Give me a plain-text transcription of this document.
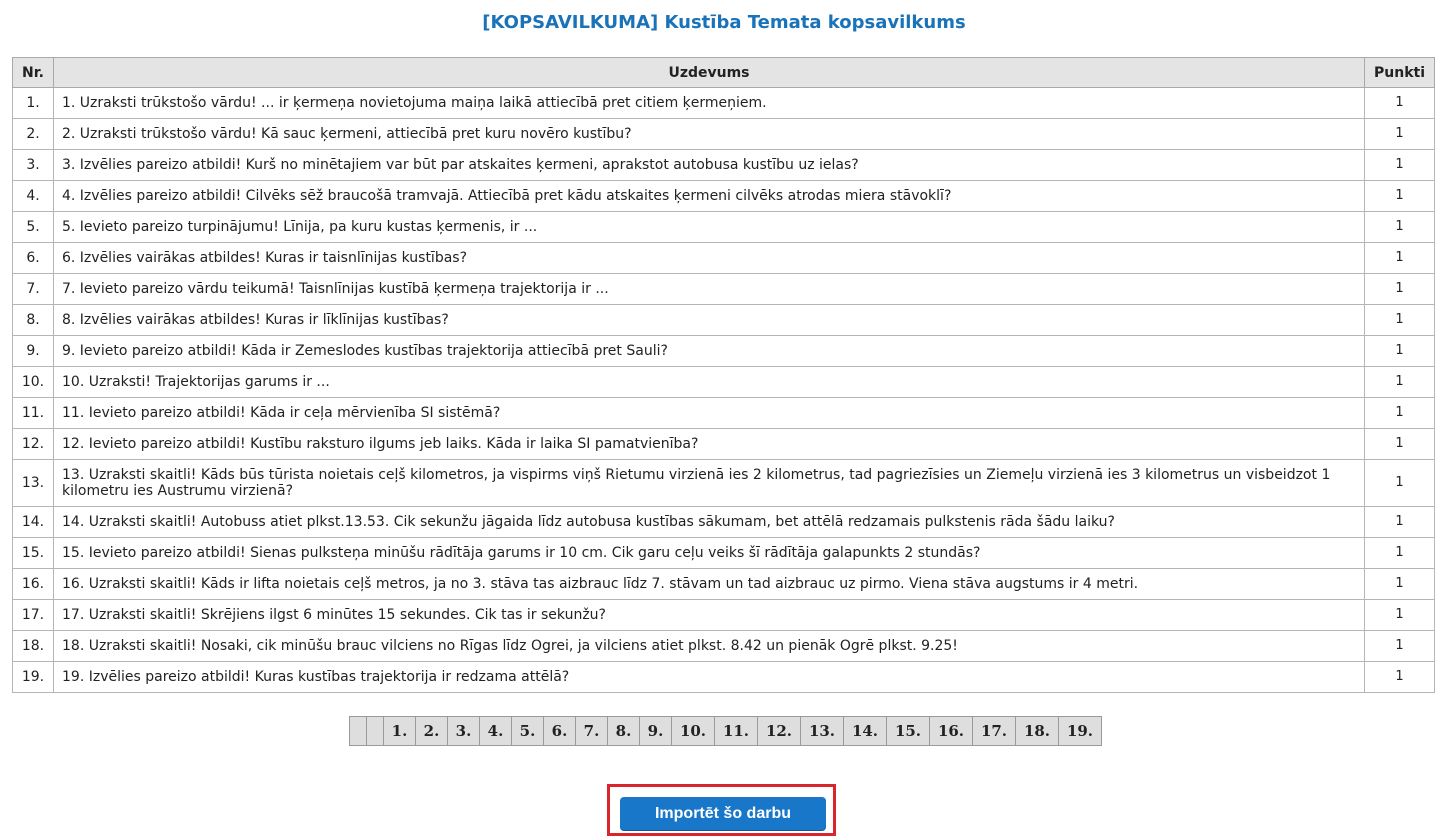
[KOPSAVILKUMA] Kustība Temata kopsavilkums
Nr.	Uzdevums	Punkti
1.	1. Uzraksti trūkstošo vārdu! ... ir ķermeņa novietojuma maiņa laikā attiecībā pret citiem ķermeņiem.	1
2.	2. Uzraksti trūkstošo vārdu! Kā sauc ķermeni, attiecībā pret kuru novēro kustību?	1
3.	3. Izvēlies pareizo atbildi! Kurš no minētajiem var būt par atskaites ķermeni, aprakstot autobusa kustību uz ielas?	1
4.	4. Izvēlies pareizo atbildi! Cilvēks sēž braucošā tramvajā. Attiecībā pret kādu atskaites ķermeni cilvēks atrodas miera stāvoklī?	1
5.	5. Ievieto pareizo turpinājumu! Līnija, pa kuru kustas ķermenis, ir ...	1
6.	6. Izvēlies vairākas atbildes! Kuras ir taisnlīnijas kustības?	1
7.	7. Ievieto pareizo vārdu teikumā! Taisnlīnijas kustībā ķermeņa trajektorija ir ...	1
8.	8. Izvēlies vairākas atbildes! Kuras ir līklīnijas kustības?	1
9.	9. Ievieto pareizo atbildi! Kāda ir Zemeslodes kustības trajektorija attiecībā pret Sauli?	1
10.	10. Uzraksti! Trajektorijas garums ir ...	1
11.	11. Ievieto pareizo atbildi! Kāda ir ceļa mērvienība SI sistēmā?	1
12.	12. Ievieto pareizo atbildi! Kustību raksturo ilgums jeb laiks. Kāda ir laika SI pamatvienība?	1
13.	13. Uzraksti skaitli! Kāds būs tūrista noietais ceļš kilometros, ja vispirms viņš Rietumu virzienā ies 2 kilometrus, tad pagriezīsies un Ziemeļu virzienā ies 3 kilometrus un visbeidzot 1 kilometru ies Austrumu virzienā?	1
14.	14. Uzraksti skaitli! Autobuss atiet plkst.13.53. Cik sekunžu jāgaida līdz autobusa kustības sākumam, bet attēlā redzamais pulkstenis rāda šādu laiku?	1
15.	15. Ievieto pareizo atbildi! Sienas pulksteņa minūšu rādītāja garums ir 10 cm. Cik garu ceļu veiks šī rādītāja galapunkts 2 stundās?	1
16.	16. Uzraksti skaitli! Kāds ir lifta noietais ceļš metros, ja no 3. stāva tas aizbrauc līdz 7. stāvam un tad aizbrauc uz pirmo. Viena stāva augstums ir 4 metri.	1
17.	17. Uzraksti skaitli! Skrējiens ilgst 6 minūtes 15 sekundes. Cik tas ir sekunžu?	1
18.	18. Uzraksti skaitli! Nosaki, cik minūšu brauc vilciens no Rīgas līdz Ogrei, ja vilciens atiet plkst. 8.42 un pienāk Ogrē plkst. 9.25!	1
19.	19. Izvēlies pareizo atbildi! Kuras kustības trajektorija ir redzama attēlā?	1
1.	2.	3.	4.	5.	6.	7.	8.	9.	10.	11.	12.	13.	14.	15.	16.	17.	18.	19.
Importēt šo darbu
